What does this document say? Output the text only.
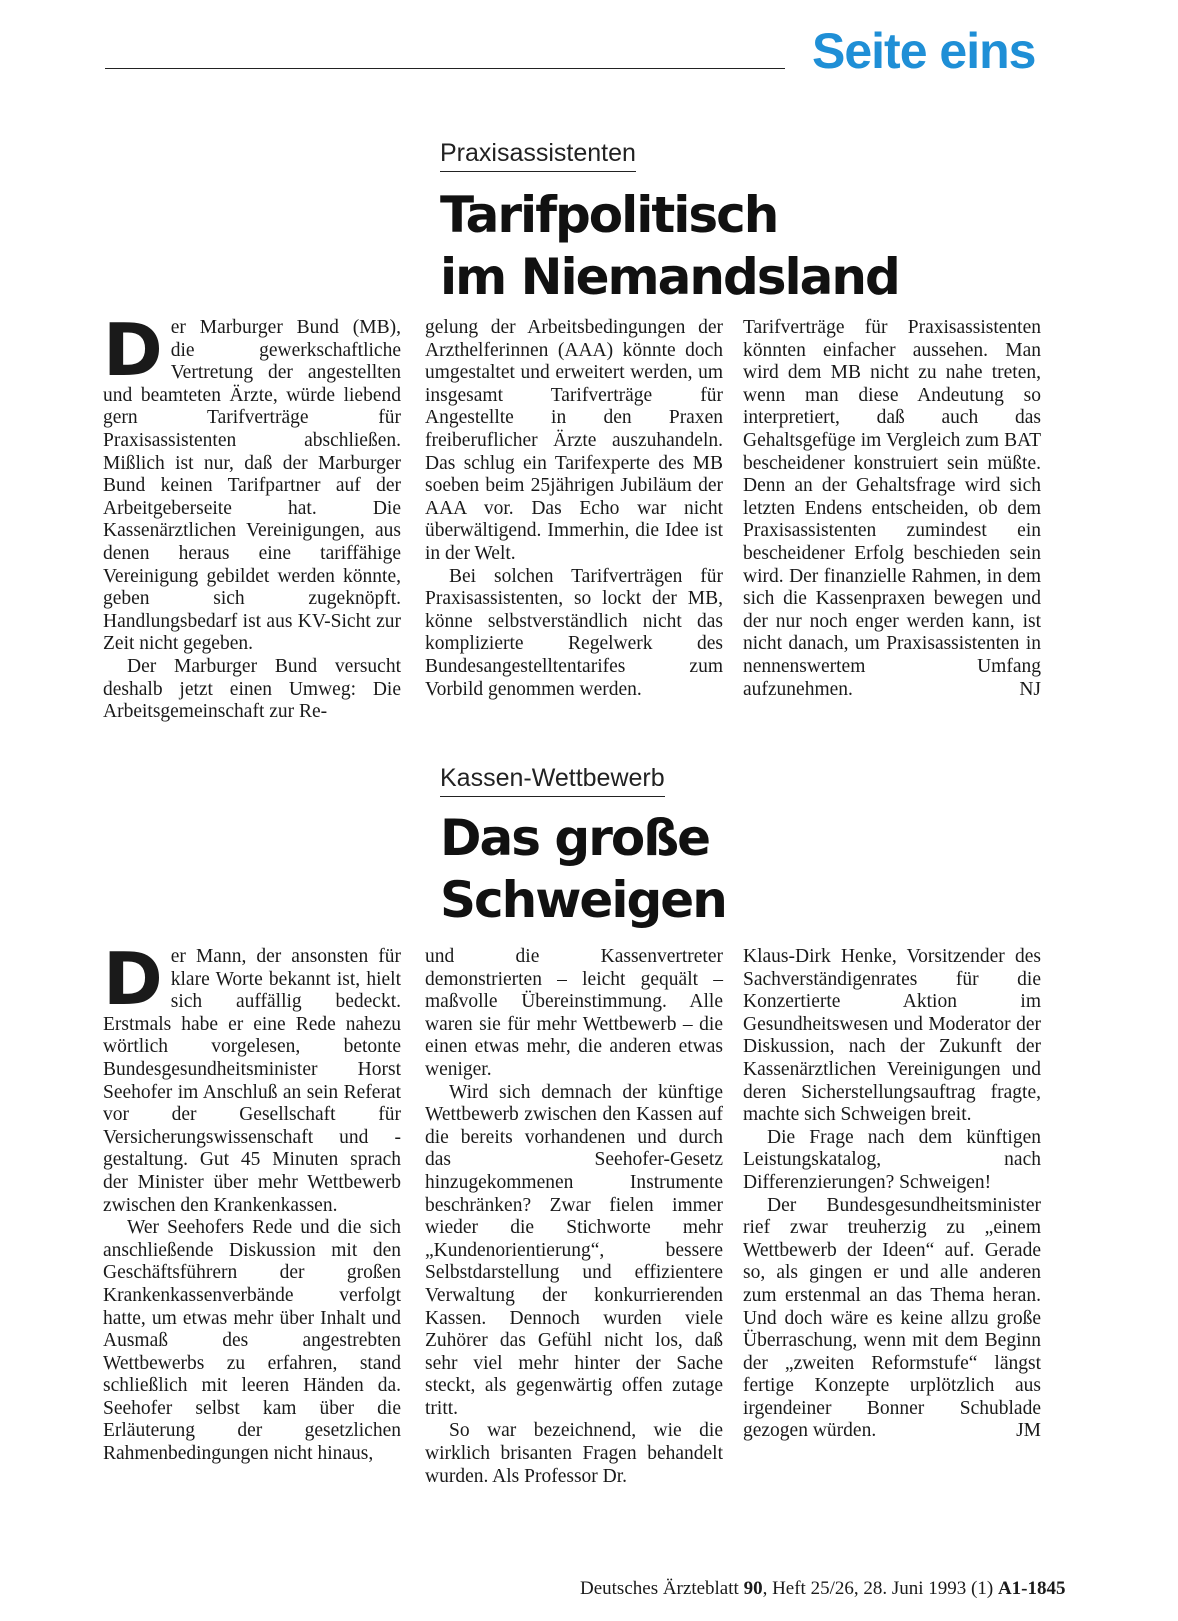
Seite eins
Praxisassistenten
Tarifpolitisch
im Niemandsland

Der Marburger Bund (MB), die gewerkschaftliche Vertretung der angestellten und beamteten Ärzte, würde liebend gern Tarifverträge für Praxisassistenten abschließen. Mißlich ist nur, daß der Marburger Bund keinen Tarifpartner auf der Arbeitgeberseite hat. Die Kassenärztlichen Vereinigungen, aus denen heraus eine tariffähige Vereinigung gebildet werden könnte, geben sich zugeknöpft. Handlungsbedarf ist aus KV-Sicht zur Zeit nicht gegeben.

Der Marburger Bund versucht deshalb jetzt einen Umweg: Die Arbeitsgemeinschaft zur Re-

gelung der Arbeitsbedingungen der Arzthelferinnen (AAA) könnte doch umgestaltet und erweitert werden, um insgesamt Tarifverträge für Angestellte in den Praxen freiberuflicher Ärzte auszuhandeln. Das schlug ein Tarifexperte des MB soeben beim 25jährigen Jubiläum der AAA vor. Das Echo war nicht überwältigend. Immerhin, die Idee ist in der Welt.

Bei solchen Tarifverträgen für Praxisassistenten, so lockt der MB, könne selbstverständlich nicht das komplizierte Regelwerk des Bundesangestelltentarifes zum Vorbild genommen werden.

Tarifverträge für Praxisassistenten könnten einfacher aussehen. Man wird dem MB nicht zu nahe treten, wenn man diese Andeutung so interpretiert, daß auch das Gehaltsgefüge im Vergleich zum BAT bescheidener konstruiert sein müßte. Denn an der Gehaltsfrage wird sich letzten Endens entscheiden, ob dem Praxisassistenten zumindest ein bescheidener Erfolg beschieden sein wird. Der finanzielle Rahmen, in dem sich die Kassenpraxen bewegen und der nur noch enger werden kann, ist nicht danach, um Praxisassistenten in nennenswertem Umfang aufzunehmen.	NJ

Kassen-Wettbewerb
Das große
Schweigen

Der Mann, der ansonsten für klare Worte bekannt ist, hielt sich auffällig bedeckt. Erstmals habe er eine Rede nahezu wörtlich vorgelesen, betonte Bundesgesundheitsminister Horst Seehofer im Anschluß an sein Referat vor der Gesellschaft für Versicherungswissenschaft und -gestaltung. Gut 45 Minuten sprach der Minister über mehr Wettbewerb zwischen den Krankenkassen.

Wer Seehofers Rede und die sich anschließende Diskussion mit den Geschäftsführern der großen Krankenkassenverbände verfolgt hatte, um etwas mehr über Inhalt und Ausmaß des angestrebten Wettbewerbs zu erfahren, stand schließlich mit leeren Händen da. Seehofer selbst kam über die Erläuterung der gesetzlichen Rahmenbedingungen nicht hinaus,

und die Kassenvertreter demonstrierten – leicht gequält – maßvolle Übereinstimmung. Alle waren sie für mehr Wettbewerb – die einen etwas mehr, die anderen etwas weniger.

Wird sich demnach der künftige Wettbewerb zwischen den Kassen auf die bereits vorhandenen und durch das Seehofer-Gesetz hinzugekommenen Instrumente beschränken? Zwar fielen immer wieder die Stichworte mehr „Kundenorientierung“, bessere Selbstdarstellung und effizientere Verwaltung der konkurrierenden Kassen. Dennoch wurden viele Zuhörer das Gefühl nicht los, daß sehr viel mehr hinter der Sache steckt, als gegenwärtig offen zutage tritt.

So war bezeichnend, wie die wirklich brisanten Fragen behandelt wurden. Als Professor Dr.

Klaus-Dirk Henke, Vorsitzender des Sachverständigenrates für die Konzertierte Aktion im Gesundheitswesen und Moderator der Diskussion, nach der Zukunft der Kassenärztlichen Vereinigungen und deren Sicherstellungsauftrag fragte, machte sich Schweigen breit.

Die Frage nach dem künftigen Leistungskatalog, nach Differenzierungen? Schweigen!

Der Bundesgesundheitsminister rief zwar treuherzig zu „einem Wettbewerb der Ideen“ auf. Gerade so, als gingen er und alle anderen zum erstenmal an das Thema heran. Und doch wäre es keine allzu große Überraschung, wenn mit dem Beginn der „zweiten Reformstufe“ längst fertige Konzepte urplötzlich aus irgendeiner Bonner Schublade gezogen würden.	JM

Deutsches Ärzteblatt 90, Heft 25/26, 28. Juni 1993 (1) A1-1845
